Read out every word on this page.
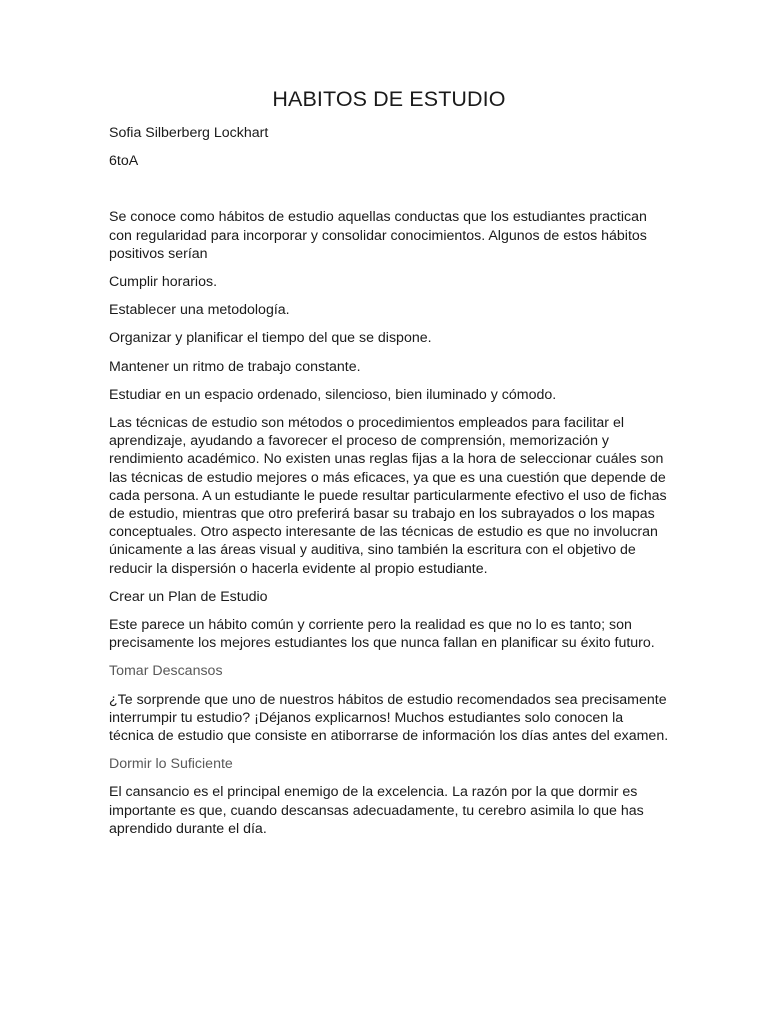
HABITOS DE ESTUDIO

Sofia Silberberg Lockhart

6toA

Se conoce como hábitos de estudio aquellas conductas que los estudiantes practican con regularidad para incorporar y consolidar conocimientos. Algunos de estos hábitos positivos serían

Cumplir horarios.

Establecer una metodología.

Organizar y planificar el tiempo del que se dispone.

Mantener un ritmo de trabajo constante.

Estudiar en un espacio ordenado, silencioso, bien iluminado y cómodo.

Las técnicas de estudio son métodos o procedimientos empleados para facilitar el aprendizaje, ayudando a favorecer el proceso de comprensión, memorización y rendimiento académico. No existen unas reglas fijas a la hora de seleccionar cuáles son las técnicas de estudio mejores o más eficaces, ya que es una cuestión que depende de cada persona. A un estudiante le puede resultar particularmente efectivo el uso de fichas de estudio, mientras que otro preferirá basar su trabajo en los subrayados o los mapas conceptuales. Otro aspecto interesante de las técnicas de estudio es que no involucran únicamente a las áreas visual y auditiva, sino también la escritura con el objetivo de reducir la dispersión o hacerla evidente al propio estudiante.

Crear un Plan de Estudio

Este parece un hábito común y corriente pero la realidad es que no lo es tanto; son precisamente los mejores estudiantes los que nunca fallan en planificar su éxito futuro.

Tomar Descansos

¿Te sorprende que uno de nuestros hábitos de estudio recomendados sea precisamente interrumpir tu estudio? ¡Déjanos explicarnos! Muchos estudiantes solo conocen la técnica de estudio que consiste en atiborrarse de información los días antes del examen.

Dormir lo Suficiente

El cansancio es el principal enemigo de la excelencia. La razón por la que dormir es importante es que, cuando descansas adecuadamente, tu cerebro asimila lo que has aprendido durante el día.
